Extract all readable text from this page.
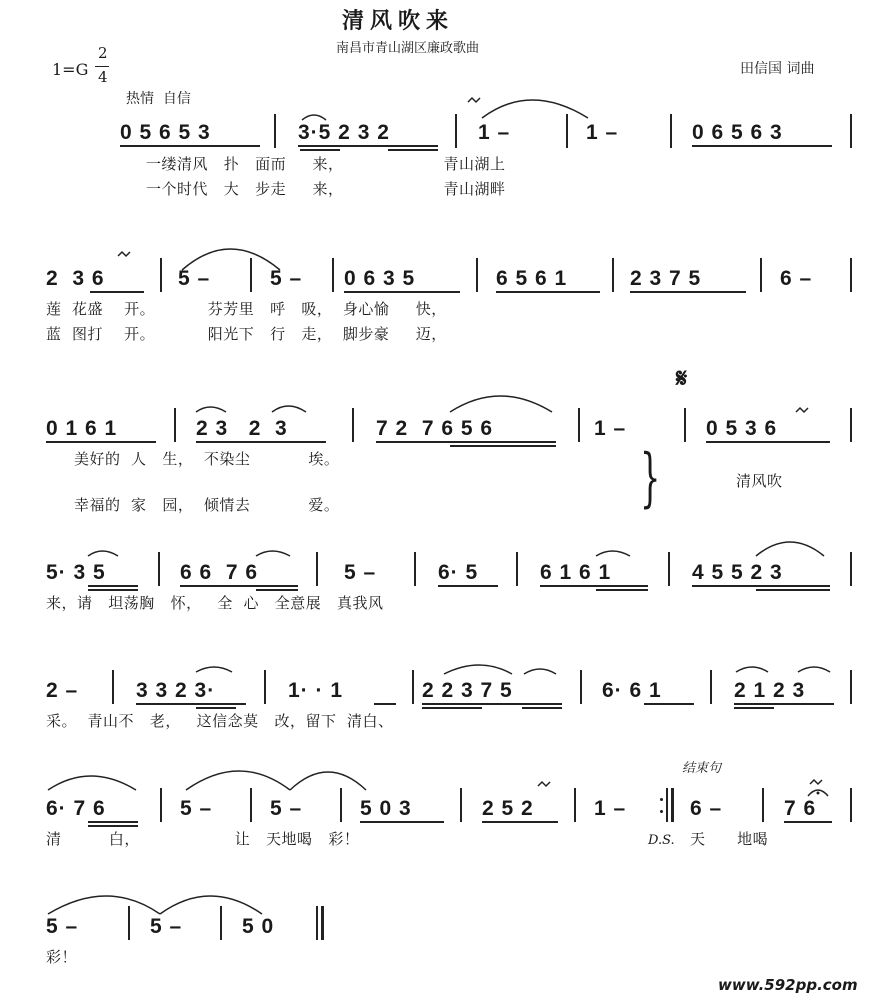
清风吹来
南昌市青山湖区廉政歌曲
1=G
2
4	田信国 词曲
热情  自信
0 5 6 5 3	3·5 2 3 2	1 –	1 –	0 6 5 6 3
一缕清风   扑   面而     来，                   青山湖上
一个时代   大   步走     来，                   青山湖畔
2  3 6	5 –	5 – 0 6 3 5	6 5 6 1	2 3 7 5	6 –
莲  花盛    开。          芬芳里   呼   吸，  身心愉     快，
蓝  图打    开。          阳光下   行   走，  脚步豪     迈，
𝄋
0 1 6 1	2 3   2  3	7 2  7 6 5 6	1 –	0 5 3 6
美好的  人   生，  不染尘           埃。
幸福的  家   园，  倾情去           爱。	}	清风吹
5· 3 5	6 6  7 6	5 –	6· 5	6 1 6 1	4 5 5 2 3
来，请   坦荡胸   怀，   全  心   全意展   真我风
2 –	3 3 2 3·	1· · 1	2 2 3 7 5	6· 6 1	2 1 2 3
采。  青山不   老，   这信念莫   改，留下  清白、
结束句
6· 7 6	5 –	5 –	5 0 3	2 5 2	1 –	6 –	7 6
清         白，                  让   天地喝   彩！	D.S. 天      地喝
5 –	5 –	5 0
彩！
www.592pp.com
